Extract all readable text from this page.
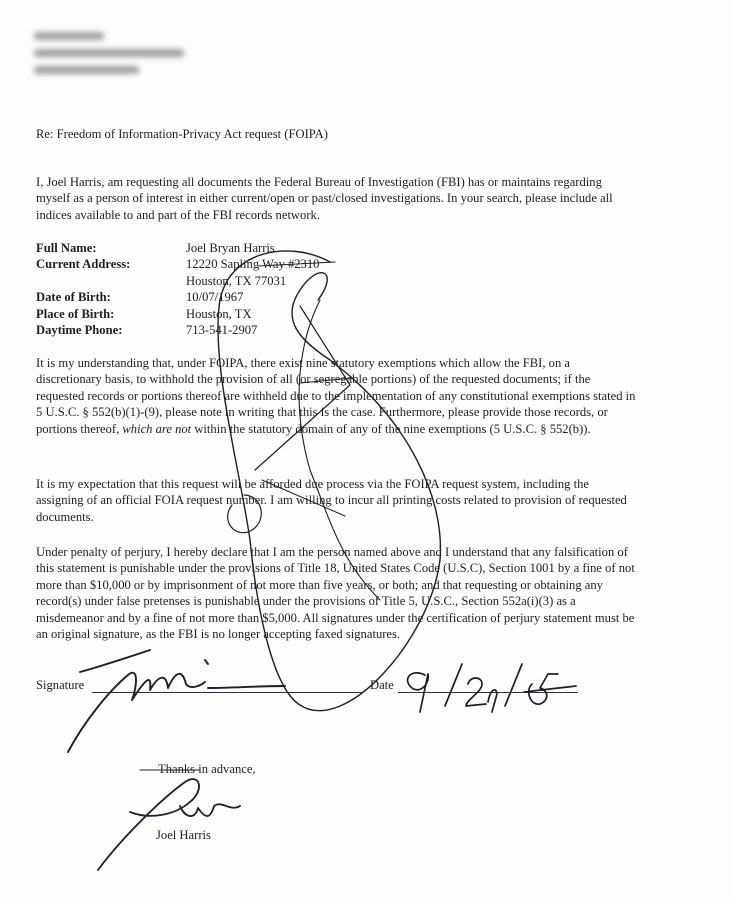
Re: Freedom of Information-Privacy Act request (FOIPA)
I, Joel Harris, am requesting all documents the Federal Bureau of Investigation (FBI) has or maintains regarding myself as a person of interest in either current/open or past/closed investigations. In your search, please include all indices available to and part of the FBI records network.
Full Name:	Joel Bryan Harris
Current Address:	12220 Sapling Way #2310
Houston, TX 77031
Date of Birth:	10/07/1967
Place of Birth:	Houston, TX
Daytime Phone:	713-541-2907
It is my understanding that, under FOIPA, there exist nine statutory exemptions which allow the FBI, on a discretionary basis, to withhold the provision of all (or segregable portions) of the requested documents; if the requested records or portions thereof are withheld due to the implementation of any constitutional exemptions stated in 5 U.S.C. § 552(b)(1)-(9), please note in writing that this is the case. Furthermore, please provide those records, or portions thereof, which are not within the statutory domain of any of the nine exemptions (5 U.S.C. § 552(b)).
It is my expectation that this request will be afforded due process via the FOIPA request system, including the assigning of an official FOIA request number. I am willing to incur all printing costs related to provision of requested documents.
Under penalty of perjury, I hereby declare that I am the person named above and I understand that any falsification of this statement is punishable under the provisions of Title 18, United States Code (U.S.C), Section 1001 by a fine of not more than $10,000 or by imprisonment of not more than five years, or both; and that requesting or obtaining any record(s) under false pretenses is punishable under the provisions of Title 5, U.S.C., Section 552a(i)(3) as a misdemeanor and by a fine of not more than $5,000. All signatures under the certification of perjury statement must be an original signature, as the FBI is no longer accepting faxed signatures.
Signature	Date
Thanks in advance,
Joel Harris
